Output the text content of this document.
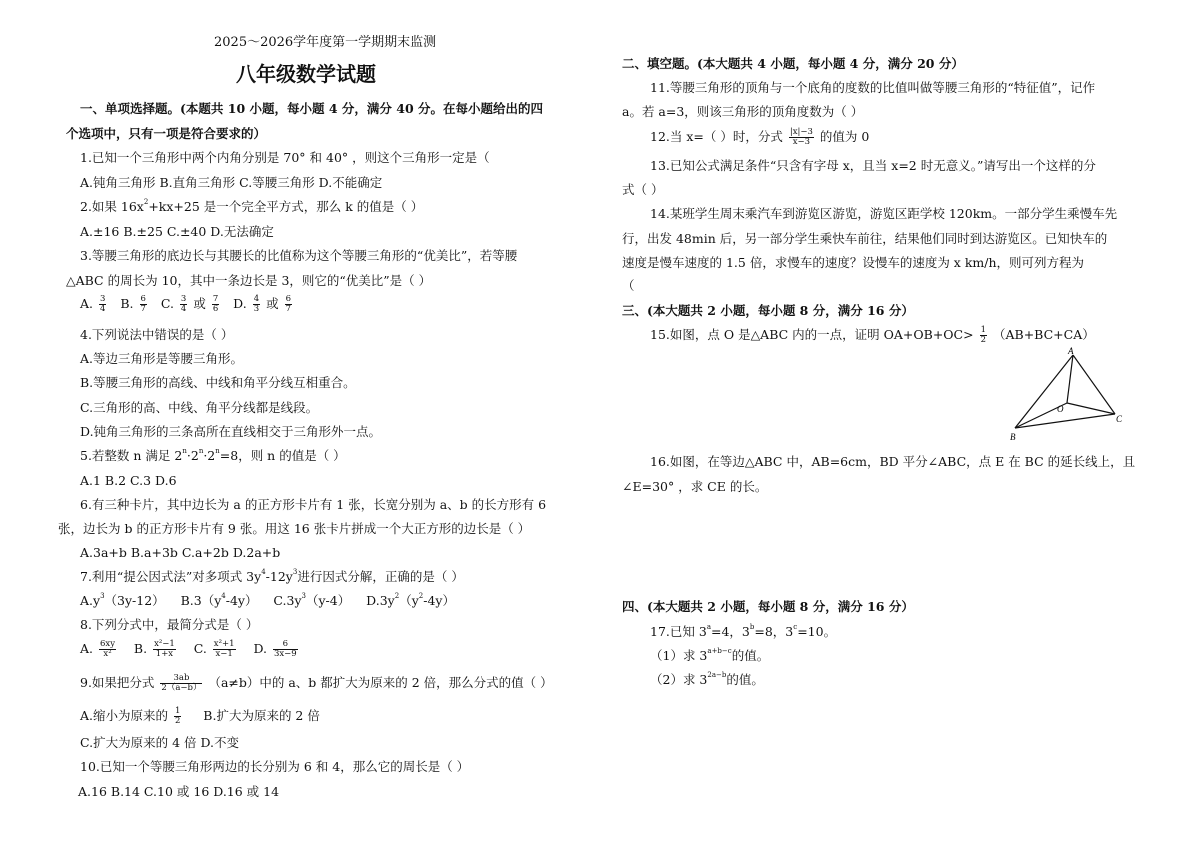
2025～2026学年度第一学期期末监测
八年级数学试题
一、单项选择题。(本题共 10 小题，每小题 4 分，满分 40 分。在每小题给出的四
个选项中，只有一项是符合要求的）
1.已知一个三角形中两个内角分别是 70° 和 40° ，则这个三角形一定是（
A.钝角三角形 B.直角三角形 C.等腰三角形 D.不能确定
2.如果 $16x^2+kx+25$ 是一个完全平方式，那么 k 的值是（ ）
A.±16 B.±25 C.±40 D.无法确定
3.等腰三角形的底边长与其腰长的比值称为这个等腰三角形的“优美比”，若等腰
△ABC 的周长为 10，其中一条边长是 3，则它的“优美比”是（ ）
A. $\frac{3}{4} B$. $\frac{6}{7} C$. $\frac{3}{4}$ 或 $\frac{7}{6} D$. $\frac{4}{3}$ 或 $\frac{6}{7}$
4.下列说法中错误的是（ ）
A.等边三角形是等腰三角形。
B.等腰三角形的高线、中线和角平分线互相重合。
C.三角形的高、中线、角平分线都是线段。
D.钝角三角形的三条高所在直线相交于三角形外一点。
5.若整数 n 满足 $2^n\cdot 2^n\cdot 2^n=8$，则 n 的值是（ ）
A.1 B.2 C.3 D.6
6.有三种卡片，其中边长为 a 的正方形卡片有 1 张，长宽分别为 a、b 的长方形有 6
张，边长为 b 的正方形卡片有 9 张。用这 16 张卡片拼成一个大正方形的边长是（ ）
A.3a+b B.a+3b C.a+2b D.2a+b
7.利用“提公因式法”对多项式 $3y^4-12y^3$进行因式分解，正确的是（ ）
$A.y^3(3y-12)$ $B.3(y^4-4y)$ $C.3y^3(y-4)$ $D.3y^2(y^2-4y)$
8.下列分式中，最简分式是（ ）
A. $\frac{6xy}{\text{x²}} B$. $\frac{\text{x²−1}}{1+x} C$. $\frac{\text{x²+1}}{x-1} D$. $\frac{6}{3x-9}$
9.如果把分式 $\frac{3ab}{2(a-b)} (a\ne b)$中的 a、b 都扩大为原来的 2 倍，那么分式的值（ ）
A.缩小为原来的 $\frac{1}{2} B$.扩大为原来的 2 倍
C.扩大为原来的 4 倍 D.不变
10.已知一个等腰三角形两边的长分别为 6 和 4，那么它的周长是（ ）
A.16 B.14 C.10 或 16 D.16 或 14
二、填空题。(本大题共 4 小题，每小题 4 分，满分 20 分）
11.等腰三角形的顶角与一个底角的度数的比值叫做等腰三角形的“特征值”，记作
a。若 a=3，则该三角形的顶角度数为（ ）
12.当 x=（ ）时，分式 $\frac{|x|-3}{x-3}$ 的值为 0
13.已知公式满足条件“只含有字母 x，且当 x=2 时无意义。”请写出一个这样的分
式（ ）
14.某班学生周末乘汽车到游览区游览，游览区距学校 120km。一部分学生乘慢车先
行，出发 48min 后，另一部分学生乘快车前往，结果他们同时到达游览区。已知快车的
速度是慢车速度的 1.5 倍，求慢车的速度？设慢车的速度为 x km/h，则可列方程为
（
三、(本大题共 2 小题，每小题 8 分，满分 16 分）
15.如图，点 O 是△ABC 内的一点，证明 $OA+OB+OC> \frac{1}{2} (AB+BC+CA)$
A
B
C
O
16.如图，在等边△ABC 中，AB=6cm，BD 平分∠ABC，点 E 在 BC 的延长线上，且
∠E=30° ，求 CE 的长。
四、(本大题共 2 小题，每小题 8 分，满分 16 分）
17.已知 $3^a=4$，$3^b=8$，$3^c=10$。
（1）求 $3^{a+b-c}$的值。
（2）求 $3^{2a-b}$的值。
